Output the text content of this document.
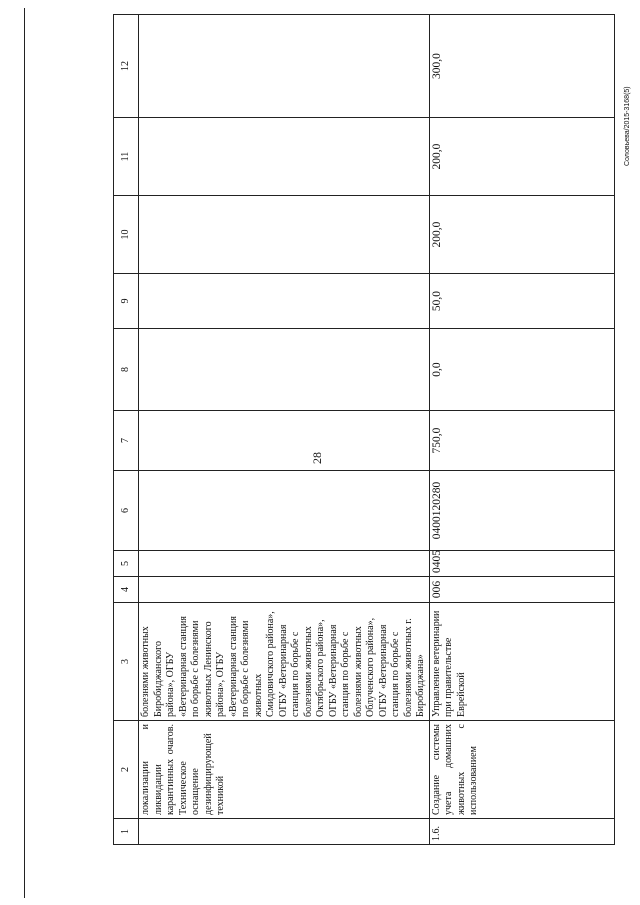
28
1	2	3	4	5	6	7	8	9	10	11	12
	локализации и ликвидации карантинных очагов. Техническое оснащение дезинфицирующей техникой	болезнями животных Биробиджанского района», ОГБУ «Ветеринарная станция по борьбе с болезнями животных Ленинского района», ОГБУ «Ветеринарная станция по борьбе с болезнями животных Смидовичского района», ОГБУ «Ветеринарная станция по борьбе с болезнями животных Октябрьского района», ОГБУ «Ветеринарная станция по борьбе с болезнями животных Облученского района», ОГБУ «Ветеринарная станция по борьбе с болезнями животных г. Биробиджана»									
1.6.	Создание системы учета домашних животных с использованием	Управление ветеринарии при правительстве Еврейской	006	0405	0400120280	750,0	0,0	50,0	200,0	200,0	300,0
Соловьева/2015-3168(5)
